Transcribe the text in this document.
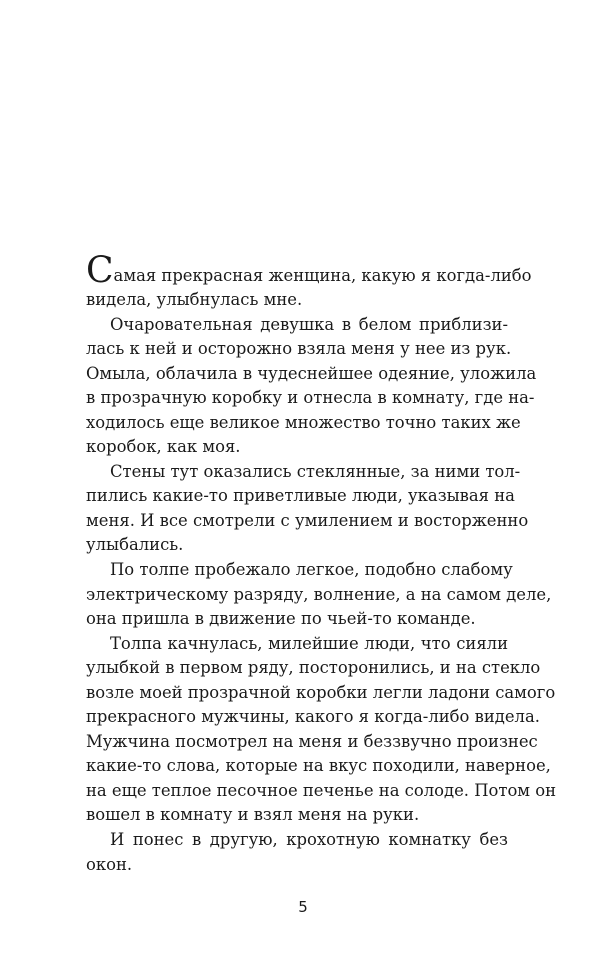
Самая прекрасная женщина, какую я когда-либо
видела, улыбнулась мне.
Очаровательная девушка в белом приблизи-
лась к ней и осторожно взяла меня у нее из рук.
Омыла, облачила в чудеснейшее одеяние, уложила
в прозрачную коробку и отнесла в комнату, где на-
ходилось еще великое множество точно таких же
коробок, как моя.
Стены тут оказались стеклянные, за ними тол-
пились какие-то приветливые люди, указывая на
меня. И все смотрели с умилением и восторженно
улыбались.
По толпе пробежало легкое, подобно слабому
электрическому разряду, волнение, а на самом деле,
она пришла в движение по чьей-то команде.
Толпа качнулась, милейшие люди, что сияли
улыбкой в первом ряду, посторонились, и на стекло
возле моей прозрачной коробки легли ладони самого
прекрасного мужчины, какого я когда-либо видела.
Мужчина посмотрел на меня и беззвучно произнес
какие-то слова, которые на вкус походили, наверное,
на еще теплое песочное печенье на солоде. Потом он
вошел в комнату и взял меня на руки.
И понес в другую, крохотную комнатку без
окон.
5
